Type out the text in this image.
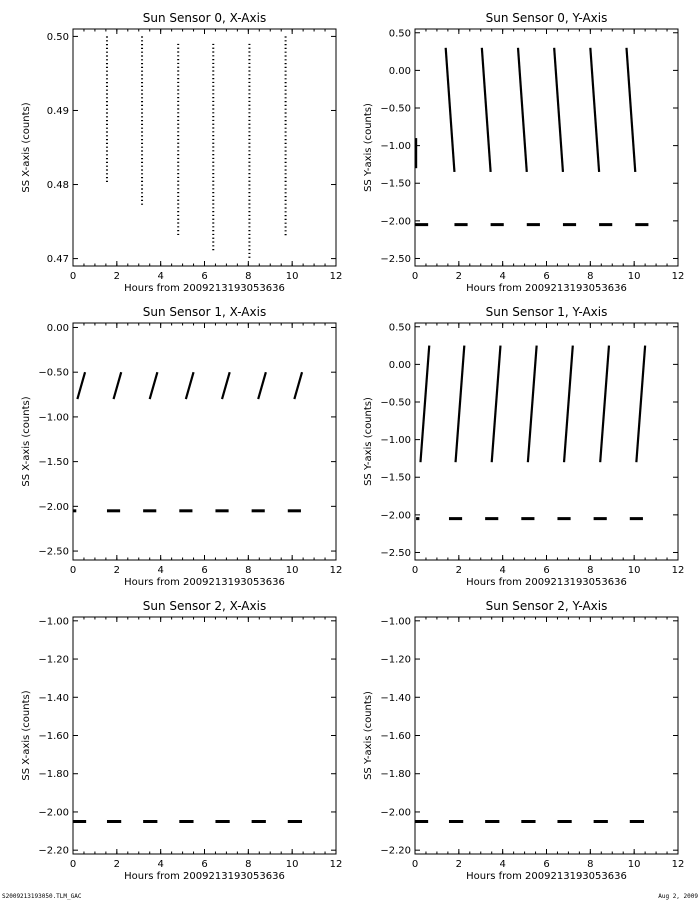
Sun Sensor 0, X-Axis
0	2	4	6	8	10	12
0.47
0.48
0.49
0.50
Hours from 2009213193053636
SS X-axis (counts)
Sun Sensor 0, Y-Axis
0	2	4	6	8	10	12
−2.50
−2.00
−1.50
−1.00
−0.50
0.00
0.50
Hours from 2009213193053636
SS Y-axis (counts)
Sun Sensor 1, X-Axis
0	2	4	6	8	10	12
−2.50
−2.00
−1.50
−1.00
−0.50
0.00
Hours from 2009213193053636
SS X-axis (counts)
Sun Sensor 1, Y-Axis
0	2	4	6	8	10	12
−2.50
−2.00
−1.50
−1.00
−0.50
0.00
0.50
Hours from 2009213193053636
SS Y-axis (counts)
Sun Sensor 2, X-Axis
0	2	4	6	8	10	12
−2.20
−2.00
−1.80
−1.60
−1.40
−1.20
−1.00
Hours from 2009213193053636
SS X-axis (counts)
Sun Sensor 2, Y-Axis
0	2	4	6	8	10	12
−2.20
−2.00
−1.80
−1.60
−1.40
−1.20
−1.00
Hours from 2009213193053636
SS Y-axis (counts)
S2009213193050.TLM_GAC	Aug 2, 2009
